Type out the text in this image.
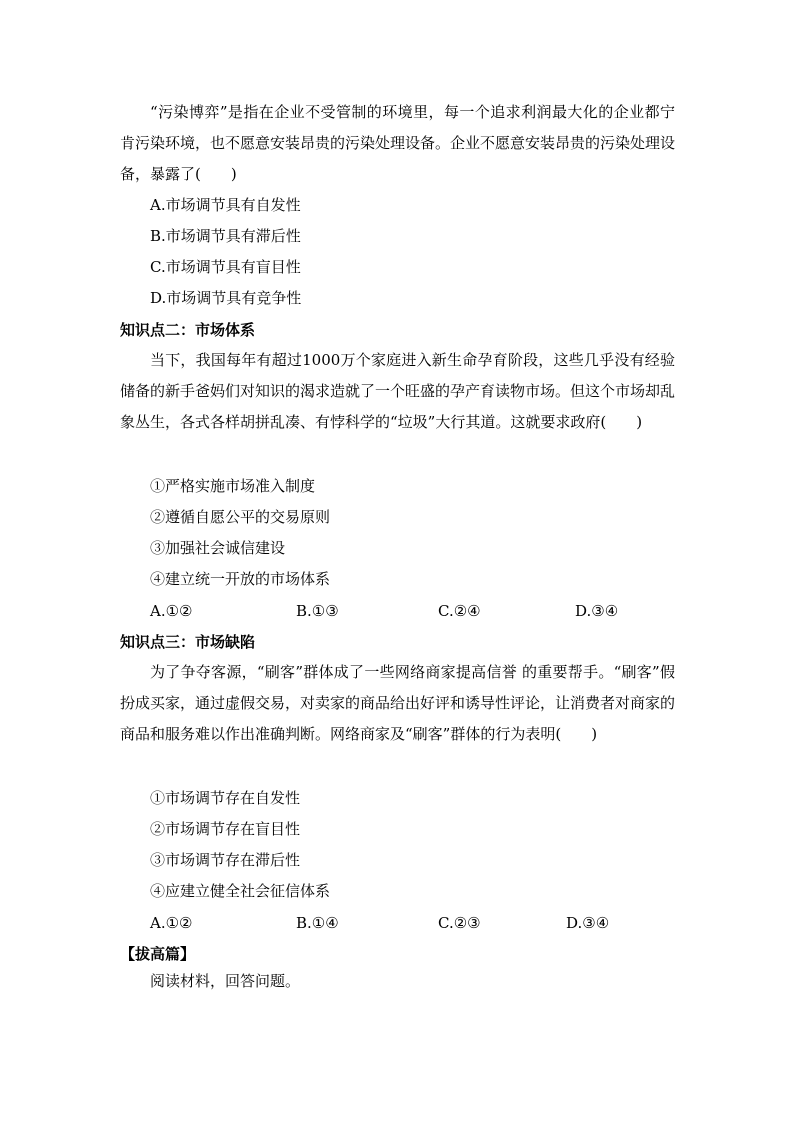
“污染博弈”是指在企业不受管制的环境里，每一个追求利润最大化的企业都宁肯污染环境，也不愿意安装昂贵的污染处理设备。企业不愿意安装昂贵的污染处理设备，暴露了(　　)

A.市场调节具有自发性
B.市场调节具有滞后性
C.市场调节具有盲目性
D.市场调节具有竞争性
知识点二：市场体系

当下，我国每年有超过1000万个家庭进入新生命孕育阶段，这些几乎没有经验储备的新手爸妈们对知识的渴求造就了一个旺盛的孕产育读物市场。但这个市场却乱象丛生，各式各样胡拼乱凑、有悖科学的“垃圾”大行其道。这就要求政府(　　)

①严格实施市场准入制度
②遵循自愿公平的交易原则
③加强社会诚信建设
④建立统一开放的市场体系
A.①②	B.①③	C.②④	D.③④
知识点三：市场缺陷

为了争夺客源，“刷客”群体成了一些网络商家提高信誉 的重要帮手。“刷客”假扮成买家，通过虚假交易，对卖家的商品给出好评和诱导性评论，让消费者对商家的商品和服务难以作出准确判断。网络商家及“刷客”群体的行为表明(　　)

①市场调节存在自发性
②市场调节存在盲目性
③市场调节存在滞后性
④应建立健全社会征信体系
A.①②	B.①④	C.②③	D.③④
【拔高篇】
阅读材料，回答问题。
